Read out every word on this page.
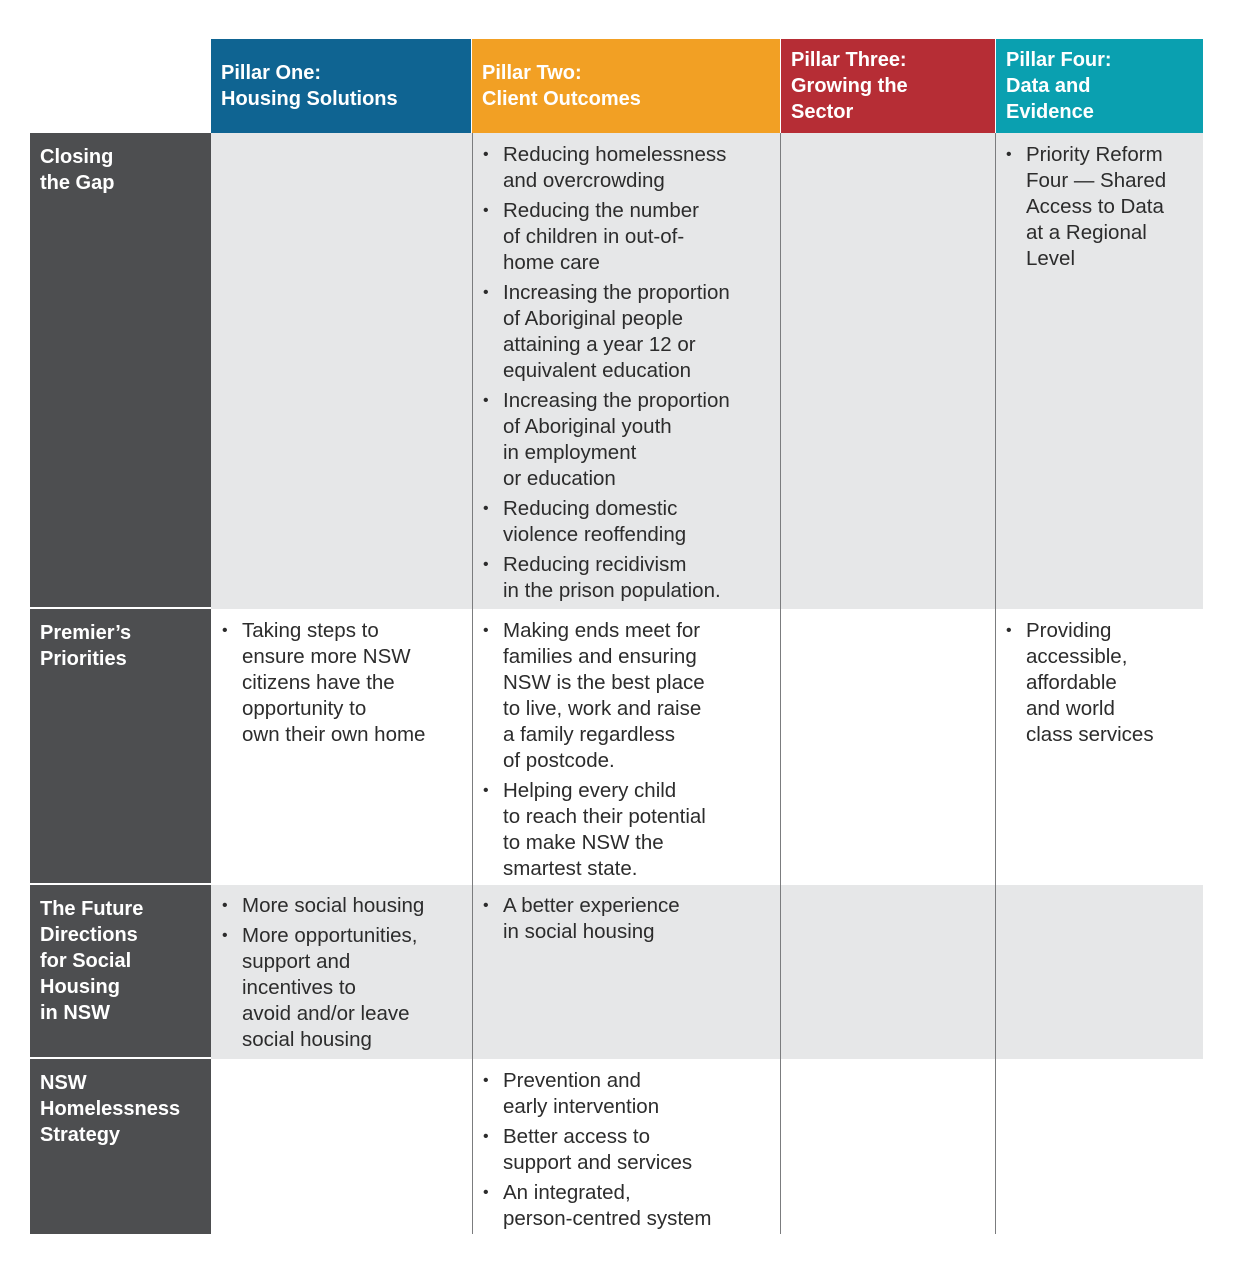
Pillar One:
Housing Solutions
Pillar Two:
Client Outcomes
Pillar Three:
Growing the
Sector
Pillar Four:
Data and
Evidence
Closing
the Gap
Premier’s
Priorities
The Future
Directions
for Social
Housing
in NSW
NSW
Homelessness
Strategy
• Reducing homelessness
and overcrowding
• Reducing the number
of children in out-of-
home care
• Increasing the proportion
of Aboriginal people
attaining a year 12 or
equivalent education
• Increasing the proportion
of Aboriginal youth
in employment
or education
• Reducing domestic
violence reoffending
• Reducing recidivism
in the prison population.
• Priority Reform
Four — Shared
Access to Data
at a Regional
Level
• Taking steps to
ensure more NSW
citizens have the
opportunity to
own their own home
• Making ends meet for
families and ensuring
NSW is the best place
to live, work and raise
a family regardless
of postcode.
• Helping every child
to reach their potential
to make NSW the
smartest state.
• Providing
accessible,
affordable
and world
class services
• More social housing
• More opportunities,
support and
incentives to
avoid and/or leave
social housing
• A better experience
in social housing
• Prevention and
early intervention
• Better access to
support and services
• An integrated,
person-centred system
